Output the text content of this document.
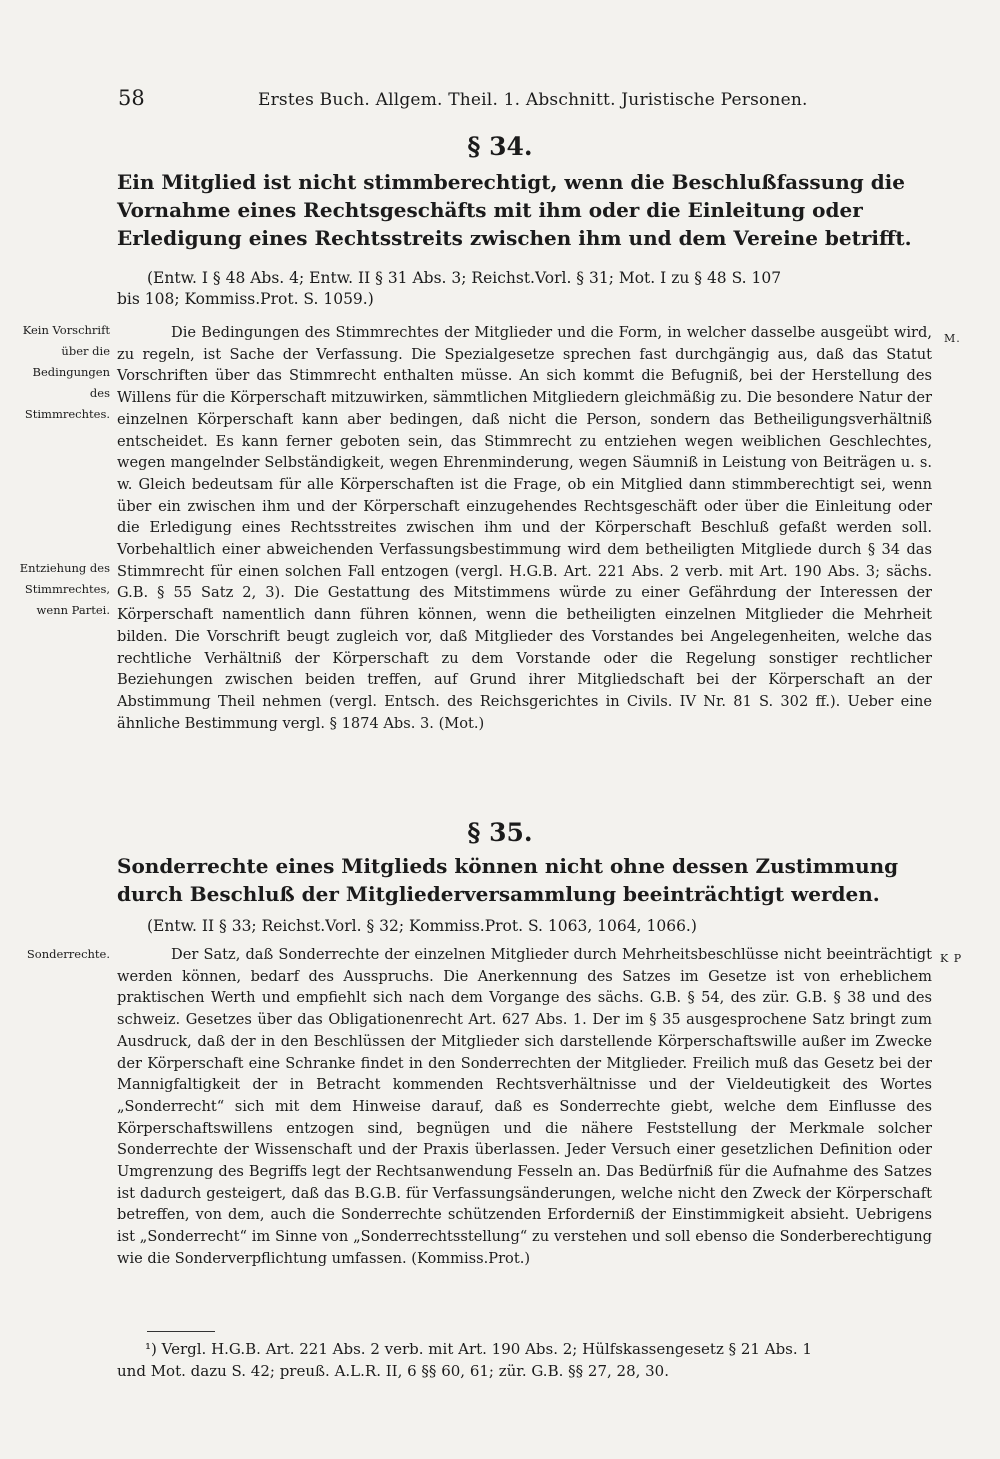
58	Erstes Buch. Allgem. Theil. 1. Abschnitt. Juristische Personen.
§ 34.
Ein Mitglied ist nicht stimmberechtigt, wenn die Beschlußfassung die Vornahme eines Rechtsgeschäfts mit ihm oder die Einleitung oder Erledigung eines Rechtsstreits zwischen ihm und dem Vereine betrifft.
(Entw. I § 48 Abs. 4; Entw. II § 31 Abs. 3; Reichst.Vorl. § 31; Mot. I zu § 48 S. 107
bis 108; Kommiss.Prot. S. 1059.)
Kein Vorschrift über die Bedingungen des Stimmrechtes.
M.
Entziehung des Stimmrechtes, wenn Partei.

Die Bedingungen des Stimmrechtes der Mitglieder und die Form, in welcher dasselbe ausgeübt wird, zu regeln, ist Sache der Verfassung. Die Spezialgesetze sprechen fast durchgängig aus, daß das Statut Vorschriften über das Stimmrecht enthalten müsse. An sich kommt die Befugniß, bei der Herstellung des Willens für die Körperschaft mitzuwirken, sämmtlichen Mitgliedern gleichmäßig zu. Die besondere Natur der einzelnen Körperschaft kann aber bedingen, daß nicht die Person, sondern das Betheiligungsverhältniß entscheidet. Es kann ferner geboten sein, das Stimmrecht zu entziehen wegen weiblichen Geschlechtes, wegen mangelnder Selbständigkeit, wegen Ehrenminderung, wegen Säumniß in Leistung von Beiträgen u. s. w. Gleich bedeutsam für alle Körperschaften ist die Frage, ob ein Mitglied dann stimmberechtigt sei, wenn über ein zwischen ihm und der Körperschaft einzugehendes Rechtsgeschäft oder über die Einleitung oder die Erledigung eines Rechtsstreites zwischen ihm und der Körperschaft Beschluß gefaßt werden soll. Vorbehaltlich einer abweichenden Verfassungsbestimmung wird dem betheiligten Mitgliede durch § 34 das Stimmrecht für einen solchen Fall entzogen (vergl. H.G.B. Art. 221 Abs. 2 verb. mit Art. 190 Abs. 3; sächs. G.B. § 55 Satz 2, 3). Die Gestattung des Mitstimmens würde zu einer Gefährdung der Interessen der Körperschaft namentlich dann führen können, wenn die betheiligten einzelnen Mitglieder die Mehrheit bilden. Die Vorschrift beugt zugleich vor, daß Mitglieder des Vorstandes bei Angelegenheiten, welche das rechtliche Verhältniß der Körperschaft zu dem Vorstande oder die Regelung sonstiger rechtlicher Beziehungen zwischen beiden treffen, auf Grund ihrer Mitgliedschaft bei der Körperschaft an der Abstimmung Theil nehmen (vergl. Entsch. des Reichsgerichtes in Civils. IV Nr. 81 S. 302 ff.). Ueber eine ähnliche Bestimmung vergl. § 1874 Abs. 3. (Mot.)

§ 35.
Sonderrechte eines Mitglieds können nicht ohne dessen Zustimmung durch Beschluß der Mitgliederversammlung beeinträchtigt werden.
(Entw. II § 33; Reichst.Vorl. § 32; Kommiss.Prot. S. 1063, 1064, 1066.)
Sonderrechte.	K P

Der Satz, daß Sonderrechte der einzelnen Mitglieder durch Mehrheitsbeschlüsse nicht beeinträchtigt werden können, bedarf des Ausspruchs. Die Anerkennung des Satzes im Gesetze ist von erheblichem praktischen Werth und empfiehlt sich nach dem Vorgange des sächs. G.B. § 54, des zür. G.B. § 38 und des schweiz. Gesetzes über das Obligationenrecht Art. 627 Abs. 1. Der im § 35 ausgesprochene Satz bringt zum Ausdruck, daß der in den Beschlüssen der Mitglieder sich darstellende Körperschaftswille außer im Zwecke der Körperschaft eine Schranke findet in den Sonderrechten der Mitglieder. Freilich muß das Gesetz bei der Mannigfaltigkeit der in Betracht kommenden Rechtsverhältnisse und der Vieldeutigkeit des Wortes „Sonderrecht“ sich mit dem Hinweise darauf, daß es Sonderrechte giebt, welche dem Einflusse des Körperschaftswillens entzogen sind, begnügen und die nähere Feststellung der Merkmale solcher Sonderrechte der Wissenschaft und der Praxis überlassen. Jeder Versuch einer gesetzlichen Definition oder Umgrenzung des Begriffs legt der Rechtsanwendung Fesseln an. Das Bedürfniß für die Aufnahme des Satzes ist dadurch gesteigert, daß das B.G.B. für Verfassungsänderungen, welche nicht den Zweck der Körperschaft betreffen, von dem, auch die Sonderrechte schützenden Erforderniß der Einstimmigkeit absieht. Uebrigens ist „Sonderrecht“ im Sinne von „Sonderrechtsstellung“ zu verstehen und soll ebenso die Sonderberechtigung wie die Sonderverpflichtung umfassen. (Kommiss.Prot.)

¹) Vergl. H.G.B. Art. 221 Abs. 2 verb. mit Art. 190 Abs. 2; Hülfskassengesetz § 21 Abs. 1
und Mot. dazu S. 42; preuß. A.L.R. II, 6 §§ 60, 61; zür. G.B. §§ 27, 28, 30.
